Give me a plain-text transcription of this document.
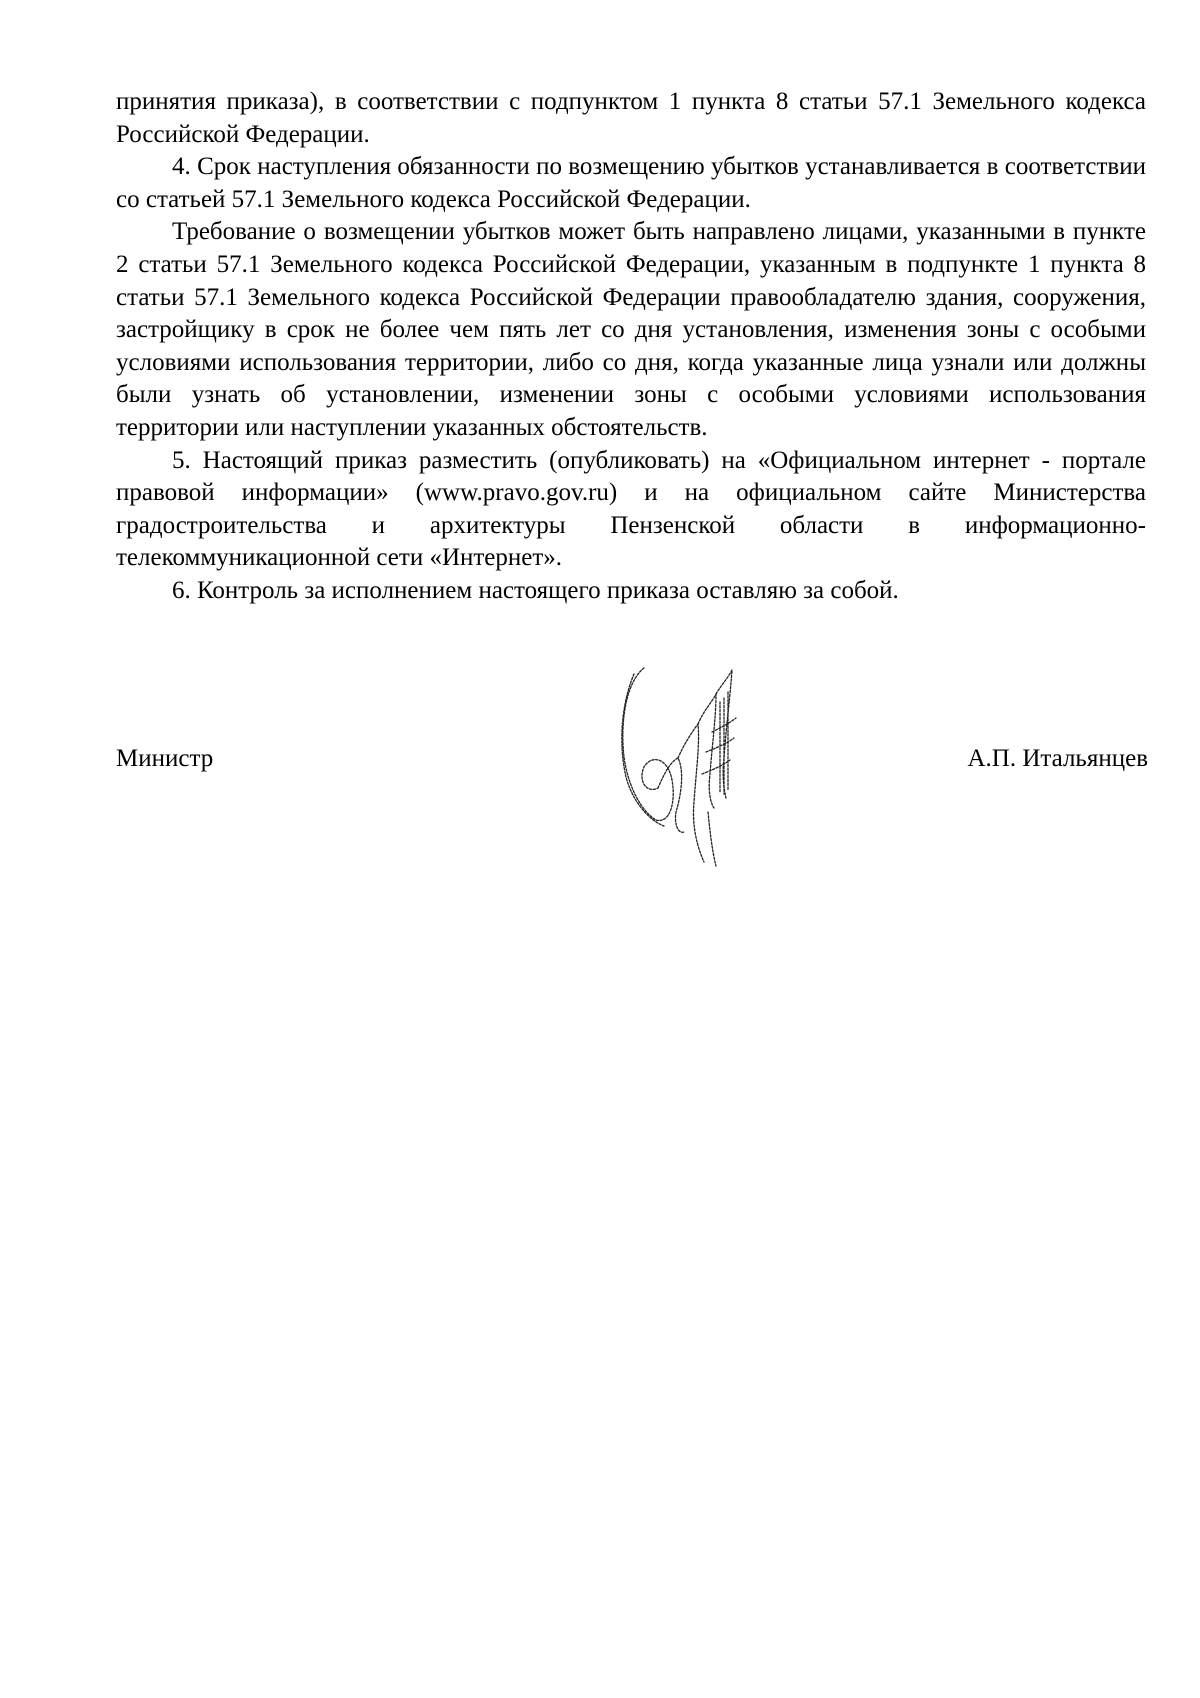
принятия приказа), в соответствии с подпунктом 1 пункта 8 статьи 57.1 Земельного кодекса Российской Федерации.

4. Срок наступления обязанности по возмещению убытков устанавливается в соответствии со статьей 57.1 Земельного кодекса Российской Федерации.

Требование о возмещении убытков может быть направлено лицами, указанными в пункте 2 статьи 57.1 Земельного кодекса Российской Федерации, указанным в подпункте 1 пункта 8 статьи 57.1 Земельного кодекса Российской Федерации правообладателю здания, сооружения, застройщику в срок не более чем пять лет со дня установления, изменения зоны с особыми условиями использования территории, либо со дня, когда указанные лица узнали или должны были узнать об установлении, изменении зоны с особыми условиями использования территории или наступлении указанных обстоятельств.

5. Настоящий приказ разместить (опубликовать) на «Официальном интернет - портале правовой информации» (www.pravo.gov.ru) и на официальном сайте Министерства градостроительства и архитектуры Пензенской области в информационно-телекоммуникационной сети «Интернет».

6. Контроль за исполнением настоящего приказа оставляю за собой.

Министр	А.П. Итальянцев
